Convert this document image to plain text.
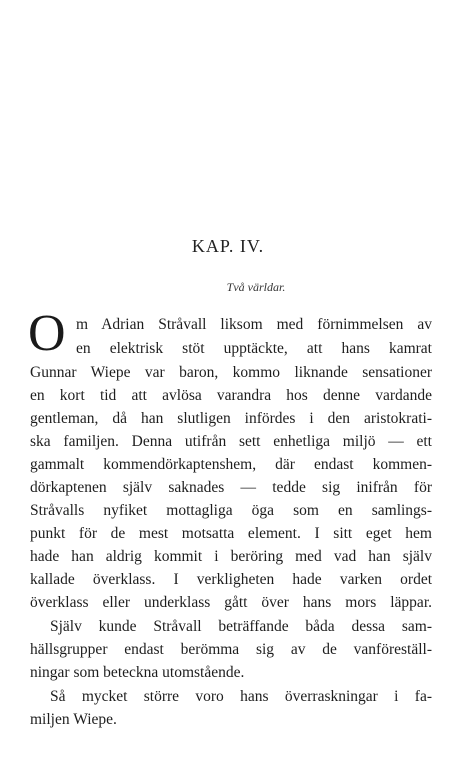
KAP. IV.

Två världar.

O m Adrian Stråvall liksom med förnimmelsen av

en elektrisk stöt upptäckte, att hans kamrat

Gunnar Wiepe var baron, kommo liknande sensationer

en kort tid att avlösa varandra hos denne vardande

gentleman, då han slutligen infördes i den aristokrati-

ska familjen. Denna utifrån sett enhetliga miljö — ett

gammalt kommendörkaptenshem, där endast kommen-

dörkaptenen själv saknades — tedde sig inifrån för

Stråvalls nyfiket mottagliga öga som en samlings-

punkt för de mest motsatta element. I sitt eget hem

hade han aldrig kommit i beröring med vad han själv

kallade överklass. I verkligheten hade varken ordet

överklass eller underklass gått över hans mors läppar.

Själv kunde Stråvall beträffande båda dessa sam-

hällsgrupper endast berömma sig av de vanföreställ-

ningar som beteckna utomstående.

Så mycket större voro hans överraskningar i fa-

miljen Wiepe.
